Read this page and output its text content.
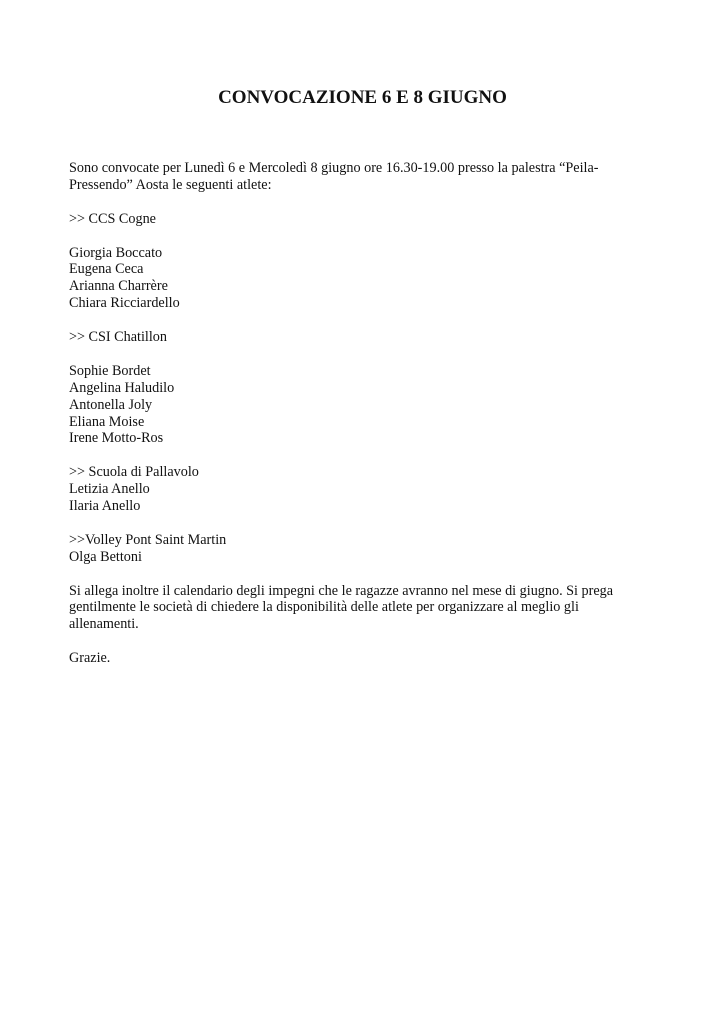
CONVOCAZIONE 6 E 8 GIUGNO

Sono convocate per Lunedì 6 e Mercoledì 8 giugno ore 16.30-19.00 presso la palestra “Peila-
Pressendo” Aosta le seguenti atlete:

>> CCS Cogne

Giorgia Boccato
Eugena Ceca
Arianna Charrère
Chiara Ricciardello

>> CSI Chatillon

Sophie Bordet
Angelina Haludilo
Antonella Joly
Eliana Moise
Irene Motto-Ros

>> Scuola di Pallavolo
Letizia Anello
Ilaria Anello

>>Volley Pont Saint Martin
Olga Bettoni

Si allega inoltre il calendario degli impegni che le ragazze avranno nel mese di giugno. Si prega
gentilmente le società di chiedere la disponibilità delle atlete per organizzare al meglio gli
allenamenti.

Grazie.
